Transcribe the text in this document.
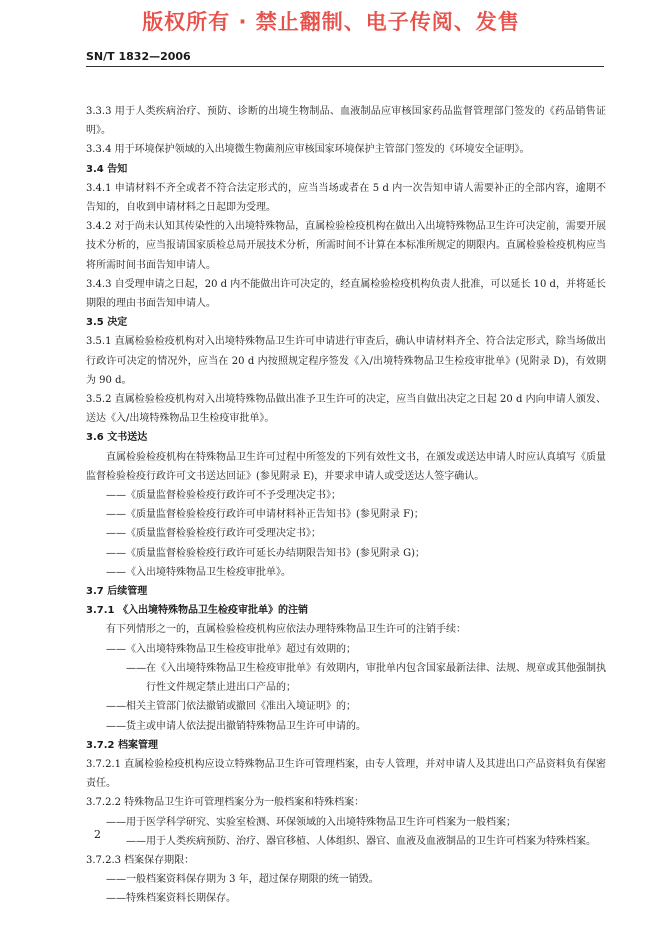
版权所有 · 禁止翻制、电子传阅、发售
SN/T 1832—2006

3.3.3 用于人类疾病治疗、预防、诊断的出境生物制品、血液制品应审核国家药品监督管理部门签发的《药品销售证明》。

3.3.4 用于环境保护领域的入出境微生物菌剂应审核国家环境保护主管部门签发的《环境安全证明》。

3.4 告知

3.4.1 申请材料不齐全或者不符合法定形式的，应当当场或者在 5 d 内一次告知申请人需要补正的全部内容，逾期不告知的，自收到申请材料之日起即为受理。

3.4.2 对于尚未认知其传染性的入出境特殊物品，直属检验检疫机构在做出入出境特殊物品卫生许可决定前，需要开展技术分析的，应当报请国家质检总局开展技术分析，所需时间不计算在本标准所规定的期限内。直属检验检疫机构应当将所需时间书面告知申请人。

3.4.3 自受理申请之日起，20 d 内不能做出许可决定的，经直属检验检疫机构负责人批准，可以延长 10 d，并将延长期限的理由书面告知申请人。

3.5 决定

3.5.1 直属检验检疫机构对入出境特殊物品卫生许可申请进行审查后，确认申请材料齐全、符合法定形式，除当场做出行政许可决定的情况外，应当在 20 d 内按照规定程序签发《入/出境特殊物品卫生检疫审批单》(见附录 D)，有效期为 90 d。

3.5.2 直属检验检疫机构对入出境特殊物品做出准予卫生许可的决定，应当自做出决定之日起 20 d 内向申请人颁发、送达《入/出境特殊物品卫生检疫审批单》。

3.6 文书送达

直属检验检疫机构在特殊物品卫生许可过程中所签发的下列有效性文书，在颁发或送达申请人时应认真填写《质量监督检验检疫行政许可文书送达回证》(参见附录 E)，并要求申请人或受送达人签字确认。

——《质量监督检验检疫行政许可不予受理决定书》；

——《质量监督检验检疫行政许可申请材料补正告知书》(参见附录 F)；

——《质量监督检验检疫行政许可受理决定书》；

——《质量监督检验检疫行政许可延长办结期限告知书》(参见附录 G)；

——《入出境特殊物品卫生检疫审批单》。

3.7 后续管理

3.7.1 《入出境特殊物品卫生检疫审批单》的注销

有下列情形之一的，直属检验检疫机构应依法办理特殊物品卫生许可的注销手续：

——《入出境特殊物品卫生检疫审批单》超过有效期的；

——在《入出境特殊物品卫生检疫审批单》有效期内，审批单内包含国家最新法律、法规、规章或其他强制执行性文件规定禁止进出口产品的；

——相关主管部门依法撤销或撤回《准出入境证明》的；

——货主或申请人依法提出撤销特殊物品卫生许可申请的。

3.7.2 档案管理

3.7.2.1 直属检验检疫机构应设立特殊物品卫生许可管理档案，由专人管理，并对申请人及其进出口产品资料负有保密责任。

3.7.2.2 特殊物品卫生许可管理档案分为一般档案和特殊档案：

——用于医学科学研究、实验室检测、环保领域的入出境特殊物品卫生许可档案为一般档案；

——用于人类疾病预防、治疗、器官移植、人体组织、器官、血液及血液制品的卫生许可档案为特殊档案。

3.7.2.3 档案保存期限：

——一般档案资料保存期为 3 年，超过保存期限的统一销毁。

——特殊档案资料长期保存。

2
